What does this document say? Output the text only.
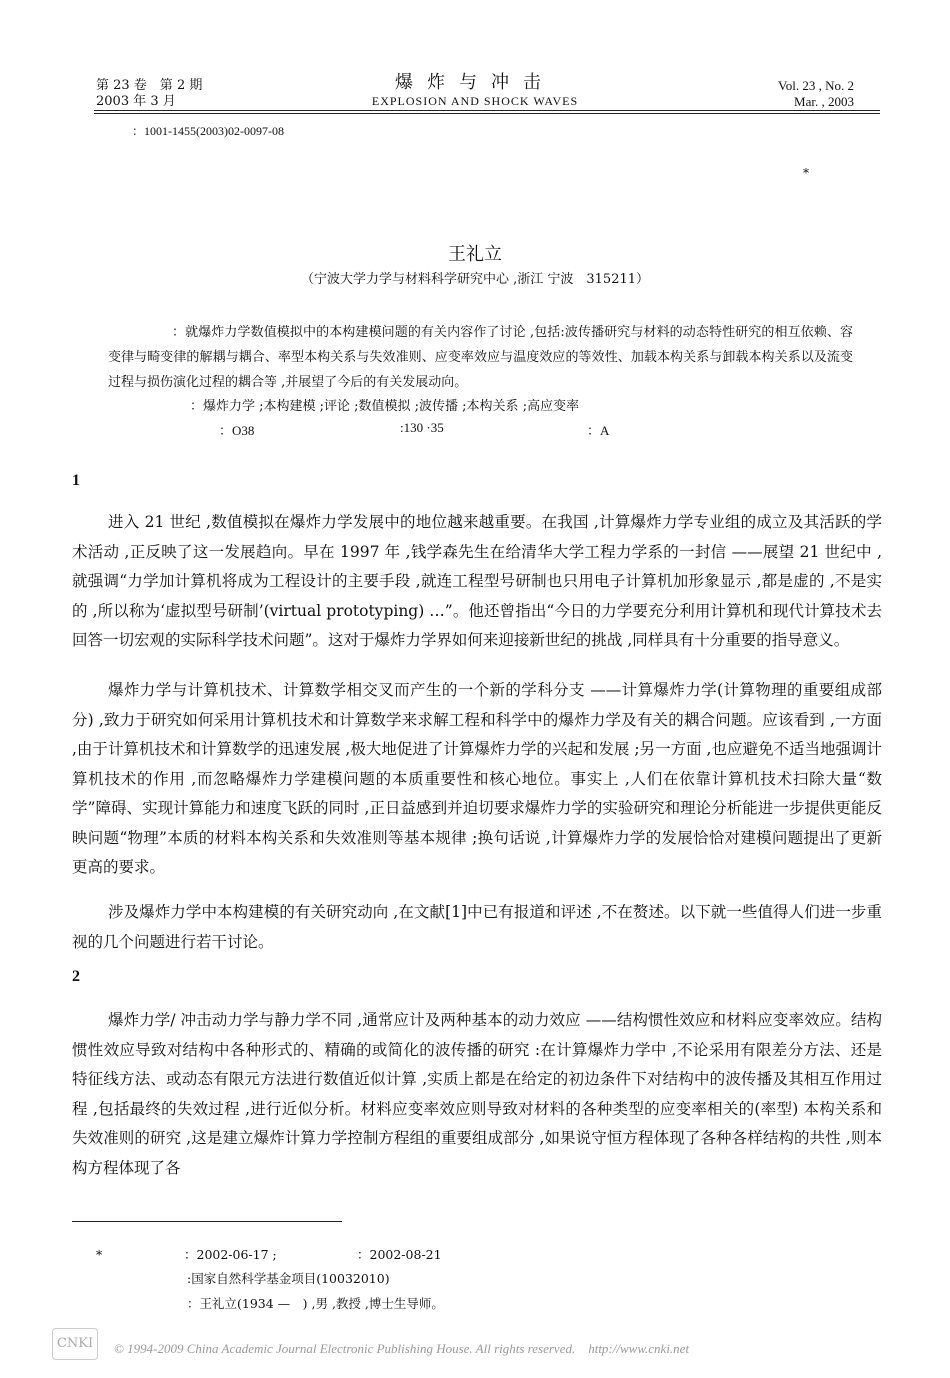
第 23 卷　第 2 期
2003 年 3 月
爆炸与冲击
EXPLOSION AND SHOCK WAVES
Vol. 23 , No. 2
Mar. , 2003
：1001-1455(2003)02-0097-08
*
王礼立
（宁波大学力学与材料科学研究中心 ,浙江 宁波　315211）
：就爆炸力学数值模拟中的本构建模问题的有关内容作了讨论 ,包括:波传播研究与材料的动态特性研究的相互依赖、容变律与畸变律的解耦与耦合、率型本构关系与失效准则、应变率效应与温度效应的等效性、加载本构关系与卸载本构关系以及流变过程与损伤演化过程的耦合等 ,并展望了今后的有关发展动向。
：爆炸力学 ;本构建模 ;评论 ;数值模拟 ;波传播 ;本构关系 ;高应变率
：O38	:130 ·35	：A
1
进入 21 世纪 ,数值模拟在爆炸力学发展中的地位越来越重要。在我国 ,计算爆炸力学专业组的成立及其活跃的学术活动 ,正反映了这一发展趋向。早在 1997 年 ,钱学森先生在给清华大学工程力学系的一封信 ——展望 21 世纪中 ,就强调“力学加计算机将成为工程设计的主要手段 ,就连工程型号研制也只用电子计算机加形象显示 ,都是虚的 ,不是实的 ,所以称为‘虚拟型号研制’(virtual prototyping) …”。他还曾指出“今日的力学要充分利用计算机和现代计算技术去回答一切宏观的实际科学技术问题”。这对于爆炸力学界如何来迎接新世纪的挑战 ,同样具有十分重要的指导意义。
爆炸力学与计算机技术、计算数学相交叉而产生的一个新的学科分支 ——计算爆炸力学(计算物理的重要组成部分) ,致力于研究如何采用计算机技术和计算数学来求解工程和科学中的爆炸力学及有关的耦合问题。应该看到 ,一方面 ,由于计算机技术和计算数学的迅速发展 ,极大地促进了计算爆炸力学的兴起和发展 ;另一方面 ,也应避免不适当地强调计算机技术的作用 ,而忽略爆炸力学建模问题的本质重要性和核心地位。事实上 ,人们在依靠计算机技术扫除大量“数学”障碍、实现计算能力和速度飞跃的同时 ,正日益感到并迫切要求爆炸力学的实验研究和理论分析能进一步提供更能反映问题“物理”本质的材料本构关系和失效准则等基本规律 ;换句话说 ,计算爆炸力学的发展恰恰对建模问题提出了更新更高的要求。
涉及爆炸力学中本构建模的有关研究动向 ,在文献[1]中已有报道和评述 ,不在赘述。以下就一些值得人们进一步重视的几个问题进行若干讨论。
2
爆炸力学/ 冲击动力学与静力学不同 ,通常应计及两种基本的动力效应 ——结构惯性效应和材料应变率效应。结构惯性效应导致对结构中各种形式的、精确的或简化的波传播的研究 :在计算爆炸力学中 ,不论采用有限差分方法、还是特征线方法、或动态有限元方法进行数值近似计算 ,实质上都是在给定的初边条件下对结构中的波传播及其相互作用过程 ,包括最终的失效过程 ,进行近似分析。材料应变率效应则导致对材料的各种类型的应变率相关的(率型) 本构关系和失效准则的研究 ,这是建立爆炸计算力学控制方程组的重要组成部分 ,如果说守恒方程体现了各种各样结构的共性 ,则本构方程体现了各
*	：2002-06-17 ;	：2002-08-21
:国家自然科学基金项目(10032010)
：王礼立(1934 —　) ,男 ,教授 ,博士生导师。
CNKI	© 1994-2009 China Academic Journal Electronic Publishing House. All rights reserved.　http://www.cnki.net
